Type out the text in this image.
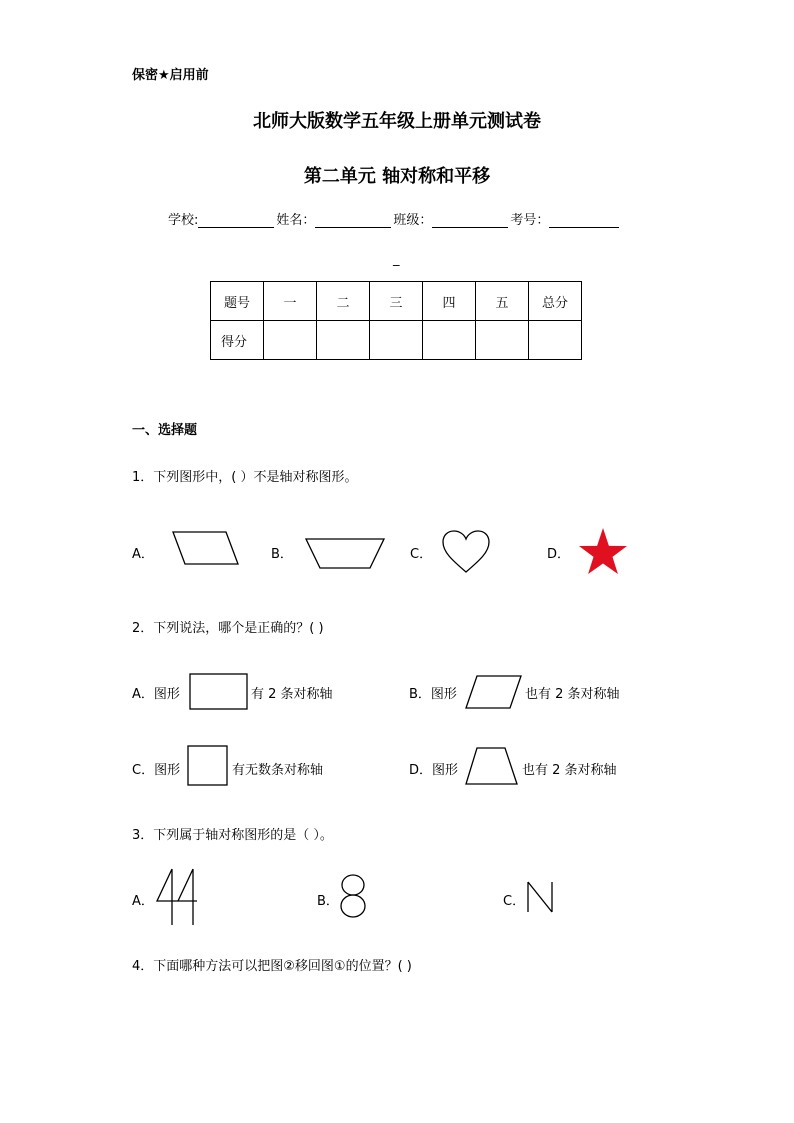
保密★启用前
北师大版数学五年级上册单元测试卷
第二单元 轴对称和平移
学校:	姓名：	班级：	考号：
_
题号	一	二	三	四	五	总分
得分						
一、选择题
1．下列图形中，( ）不是轴对称图形。
A．	B．	C．	D．
2．下列说法，哪个是正确的？( )
A．图形	有 2 条对称轴	B．图形	也有 2 条对称轴
C．图形	有无数条对称轴	D．图形	也有 2 条对称轴
3．下列属于轴对称图形的是（ ）。
A．	B．	C．
4．下面哪种方法可以把图②移回图①的位置？( )
